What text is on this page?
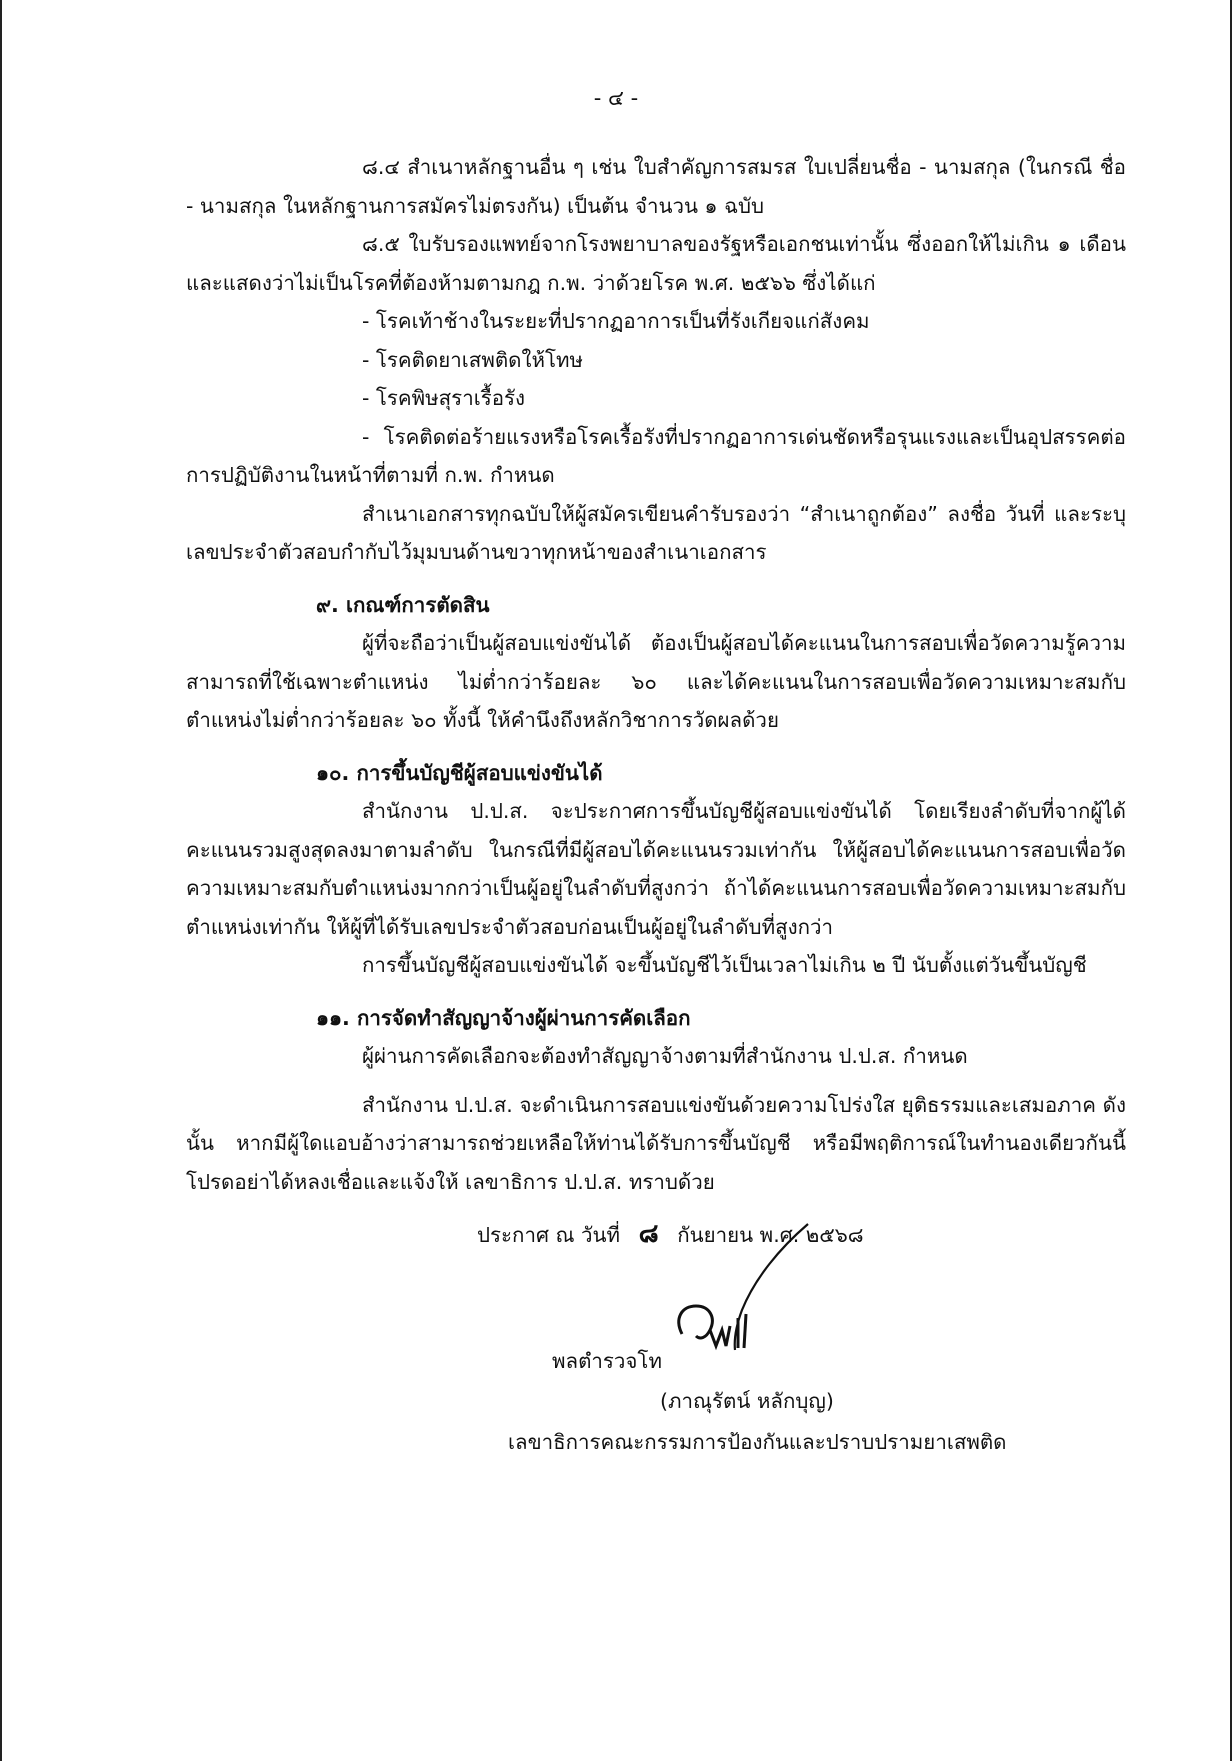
- ๔ -

๘.๔ สำเนาหลักฐานอื่น ๆ เช่น ใบสำคัญการสมรส ใบเปลี่ยนชื่อ - นามสกุล (ในกรณี ชื่อ - นามสกุล ในหลักฐานการสมัครไม่ตรงกัน) เป็นต้น จำนวน ๑ ฉบับ

๘.๕ ใบรับรองแพทย์จากโรงพยาบาลของรัฐหรือเอกชนเท่านั้น ซึ่งออกให้ไม่เกิน ๑ เดือน และแสดงว่าไม่เป็นโรคที่ต้องห้ามตามกฎ ก.พ. ว่าด้วยโรค พ.ศ. ๒๕๖๖ ซึ่งได้แก่

- โรคเท้าช้างในระยะที่ปรากฏอาการเป็นที่รังเกียจแก่สังคม

- โรคติดยาเสพติดให้โทษ

- โรคพิษสุราเรื้อรัง

- โรคติดต่อร้ายแรงหรือโรคเรื้อรังที่ปรากฏอาการเด่นชัดหรือรุนแรงและเป็นอุปสรรคต่อการปฏิบัติงานในหน้าที่ตามที่ ก.พ. กำหนด

สำเนาเอกสารทุกฉบับให้ผู้สมัครเขียนคำรับรองว่า “สำเนาถูกต้อง” ลงชื่อ วันที่ และระบุเลขประจำตัวสอบกำกับไว้มุมบนด้านขวาทุกหน้าของสำเนาเอกสาร

๙. เกณฑ์การตัดสิน

ผู้ที่จะถือว่าเป็นผู้สอบแข่งขันได้ ต้องเป็นผู้สอบได้คะแนนในการสอบเพื่อวัดความรู้ความสามารถที่ใช้เฉพาะตำแหน่ง ไม่ต่ำกว่าร้อยละ ๖๐ และได้คะแนนในการสอบเพื่อวัดความเหมาะสมกับตำแหน่งไม่ต่ำกว่าร้อยละ ๖๐ ทั้งนี้ ให้คำนึงถึงหลักวิชาการวัดผลด้วย

๑๐. การขึ้นบัญชีผู้สอบแข่งขันได้

สำนักงาน ป.ป.ส. จะประกาศการขึ้นบัญชีผู้สอบแข่งขันได้ โดยเรียงลำดับที่จากผู้ได้คะแนนรวมสูงสุดลงมาตามลำดับ ในกรณีที่มีผู้สอบได้คะแนนรวมเท่ากัน ให้ผู้สอบได้คะแนนการสอบเพื่อวัดความเหมาะสมกับตำแหน่งมากกว่าเป็นผู้อยู่ในลำดับที่สูงกว่า ถ้าได้คะแนนการสอบเพื่อวัดความเหมาะสมกับตำแหน่งเท่ากัน ให้ผู้ที่ได้รับเลขประจำตัวสอบก่อนเป็นผู้อยู่ในลำดับที่สูงกว่า

การขึ้นบัญชีผู้สอบแข่งขันได้ จะขึ้นบัญชีไว้เป็นเวลาไม่เกิน ๒ ปี นับตั้งแต่วันขึ้นบัญชี

๑๑. การจัดทำสัญญาจ้างผู้ผ่านการคัดเลือก

ผู้ผ่านการคัดเลือกจะต้องทำสัญญาจ้างตามที่สำนักงาน ป.ป.ส. กำหนด

สำนักงาน ป.ป.ส. จะดำเนินการสอบแข่งขันด้วยความโปร่งใส ยุติธรรมและเสมอภาค ดังนั้น หากมีผู้ใดแอบอ้างว่าสามารถช่วยเหลือให้ท่านได้รับการขึ้นบัญชี หรือมีพฤติการณ์ในทำนองเดียวกันนี้ โปรดอย่าได้หลงเชื่อและแจ้งให้ เลขาธิการ ป.ป.ส. ทราบด้วย

ประกาศ ณ วันที่ ๘ กันยายน พ.ศ. ๒๕๖๘
พลตำรวจโท
(ภาณุรัตน์ หลักบุญ)
เลขาธิการคณะกรรมการป้องกันและปราบปรามยาเสพติด
